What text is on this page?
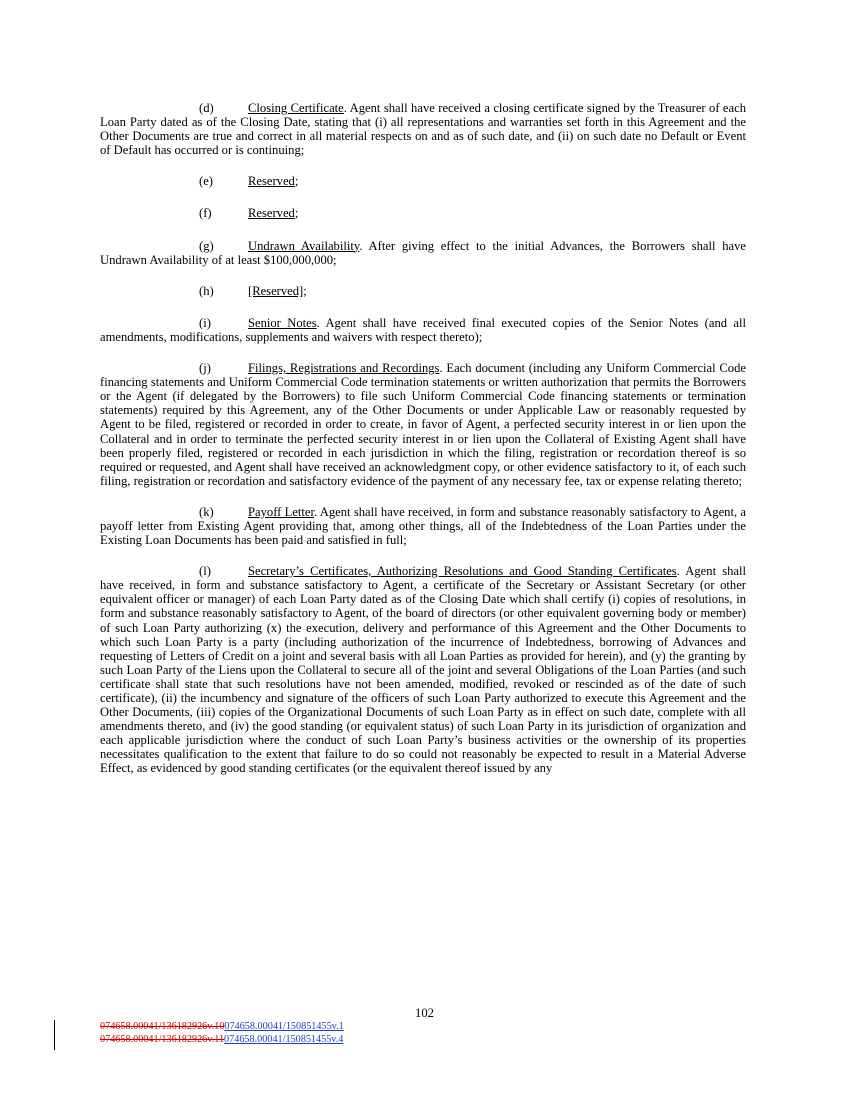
(d)	Closing Certificate. Agent shall have received a closing certificate signed by the Treasurer of each Loan Party dated as of the Closing Date, stating that (i) all representations and warranties set forth in this Agreement and the Other Documents are true and correct in all material respects on and as of such date, and (ii) on such date no Default or Event of Default has occurred or is continuing;

(e)	Reserved;

(f)	Reserved;

(g)	Undrawn Availability. After giving effect to the initial Advances, the Borrowers shall have Undrawn Availability of at least $100,000,000;

(h)	[Reserved];

(i)	Senior Notes. Agent shall have received final executed copies of the Senior Notes (and all amendments, modifications, supplements and waivers with respect thereto);

(j)	Filings, Registrations and Recordings. Each document (including any Uniform Commercial Code financing statements and Uniform Commercial Code termination statements or written authorization that permits the Borrowers or the Agent (if delegated by the Borrowers) to file such Uniform Commercial Code financing statements or termination statements) required by this Agreement, any of the Other Documents or under Applicable Law or reasonably requested by Agent to be filed, registered or recorded in order to create, in favor of Agent, a perfected security interest in or lien upon the Collateral and in order to terminate the perfected security interest in or lien upon the Collateral of Existing Agent shall have been properly filed, registered or recorded in each jurisdiction in which the filing, registration or recordation thereof is so required or requested, and Agent shall have received an acknowledgment copy, or other evidence satisfactory to it, of each such filing, registration or recordation and satisfactory evidence of the payment of any necessary fee, tax or expense relating thereto;

(k)	Payoff Letter. Agent shall have received, in form and substance reasonably satisfactory to Agent, a payoff letter from Existing Agent providing that, among other things, all of the Indebtedness of the Loan Parties under the Existing Loan Documents has been paid and satisfied in full;

(l)	Secretary’s Certificates, Authorizing Resolutions and Good Standing Certificates. Agent shall have received, in form and substance satisfactory to Agent, a certificate of the Secretary or Assistant Secretary (or other equivalent officer or manager) of each Loan Party dated as of the Closing Date which shall certify (i) copies of resolutions, in form and substance reasonably satisfactory to Agent, of the board of directors (or other equivalent governing body or member) of such Loan Party authorizing (x) the execution, delivery and performance of this Agreement and the Other Documents to which such Loan Party is a party (including authorization of the incurrence of Indebtedness, borrowing of Advances and requesting of Letters of Credit on a joint and several basis with all Loan Parties as provided for herein), and (y) the granting by such Loan Party of the Liens upon the Collateral to secure all of the joint and several Obligations of the Loan Parties (and such certificate shall state that such resolutions have not been amended, modified, revoked or rescinded as of the date of such certificate), (ii) the incumbency and signature of the officers of such Loan Party authorized to execute this Agreement and the Other Documents, (iii) copies of the Organizational Documents of such Loan Party as in effect on such date, complete with all amendments thereto, and (iv) the good standing (or equivalent status) of such Loan Party in its jurisdiction of organization and each applicable jurisdiction where the conduct of such Loan Party’s business activities or the ownership of its properties necessitates qualification to the extent that failure to do so could not reasonably be expected to result in a Material Adverse Effect, as evidenced by good standing certificates (or the equivalent thereof issued by any

102
074658.00041/136182926v.10074658.00041/150851455v.1
074658.00041/136182926v.11074658.00041/150851455v.4
